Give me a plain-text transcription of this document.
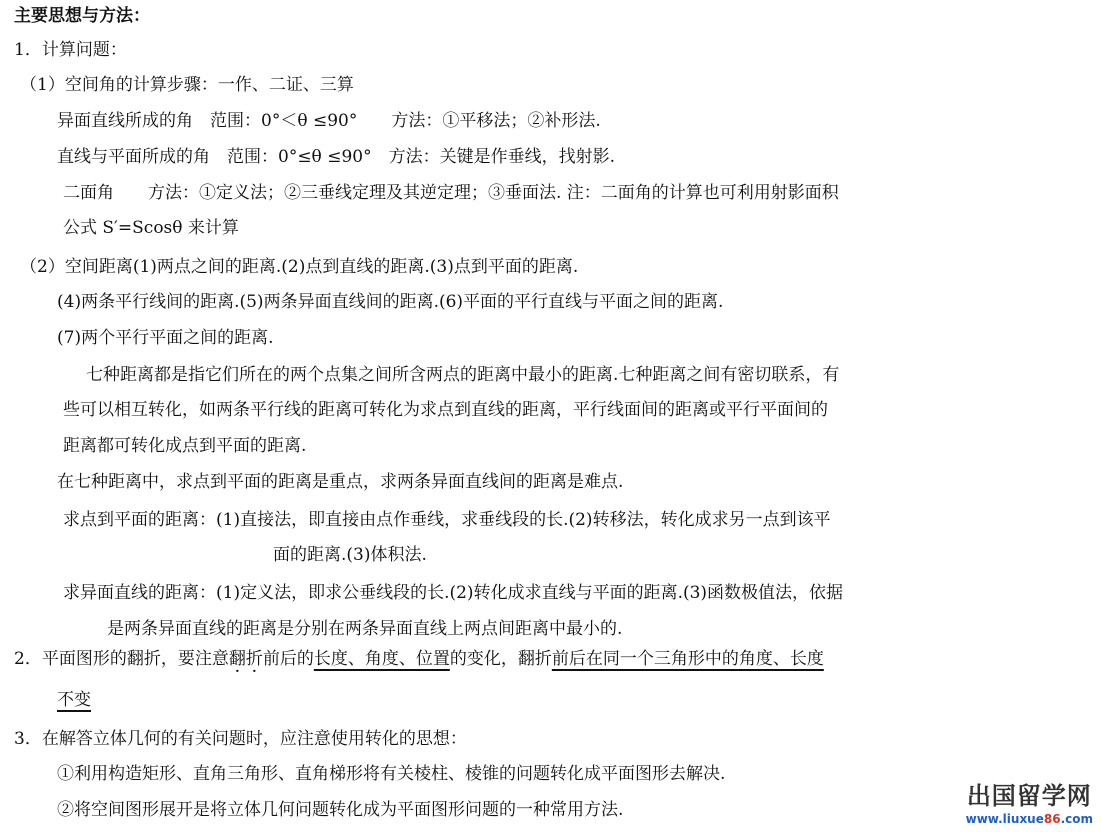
主要思想与方法：
1．计算问题：
（1）空间角的计算步骤：一作、二证、三算
异面直线所成的角　范围：0°＜θ ≤90°　　方法：①平移法；②补形法.
直线与平面所成的角　范围：0°≤θ ≤90°　方法：关键是作垂线，找射影.
二面角　　方法：①定义法；②三垂线定理及其逆定理；③垂面法. 注：二面角的计算也可利用射影面积
公式 S′=Scosθ 来计算
（2）空间距离(1)两点之间的距离.(2)点到直线的距离.(3)点到平面的距离.
(4)两条平行线间的距离.(5)两条异面直线间的距离.(6)平面的平行直线与平面之间的距离.
(7)两个平行平面之间的距离.
七种距离都是指它们所在的两个点集之间所含两点的距离中最小的距离.七种距离之间有密切联系，有
些可以相互转化，如两条平行线的距离可转化为求点到直线的距离，平行线面间的距离或平行平面间的
距离都可转化成点到平面的距离.
在七种距离中，求点到平面的距离是重点，求两条异面直线间的距离是难点.
求点到平面的距离：(1)直接法，即直接由点作垂线，求垂线段的长.(2)转移法，转化成求另一点到该平
面的距离.(3)体积法.
求异面直线的距离：(1)定义法，即求公垂线段的长.(2)转化成求直线与平面的距离.(3)函数极值法，依据
是两条异面直线的距离是分别在两条异面直线上两点间距离中最小的.
2．平面图形的翻折，要注意翻折前后的长度、角度、位置的变化，翻折前后在同一个三角形中的角度、长度
不变
3．在解答立体几何的有关问题时，应注意使用转化的思想：
①利用构造矩形、直角三角形、直角梯形将有关棱柱、棱锥的问题转化成平面图形去解决.
②将空间图形展开是将立体几何问题转化成为平面图形问题的一种常用方法.
出国留学网
www.liuxue86.com
